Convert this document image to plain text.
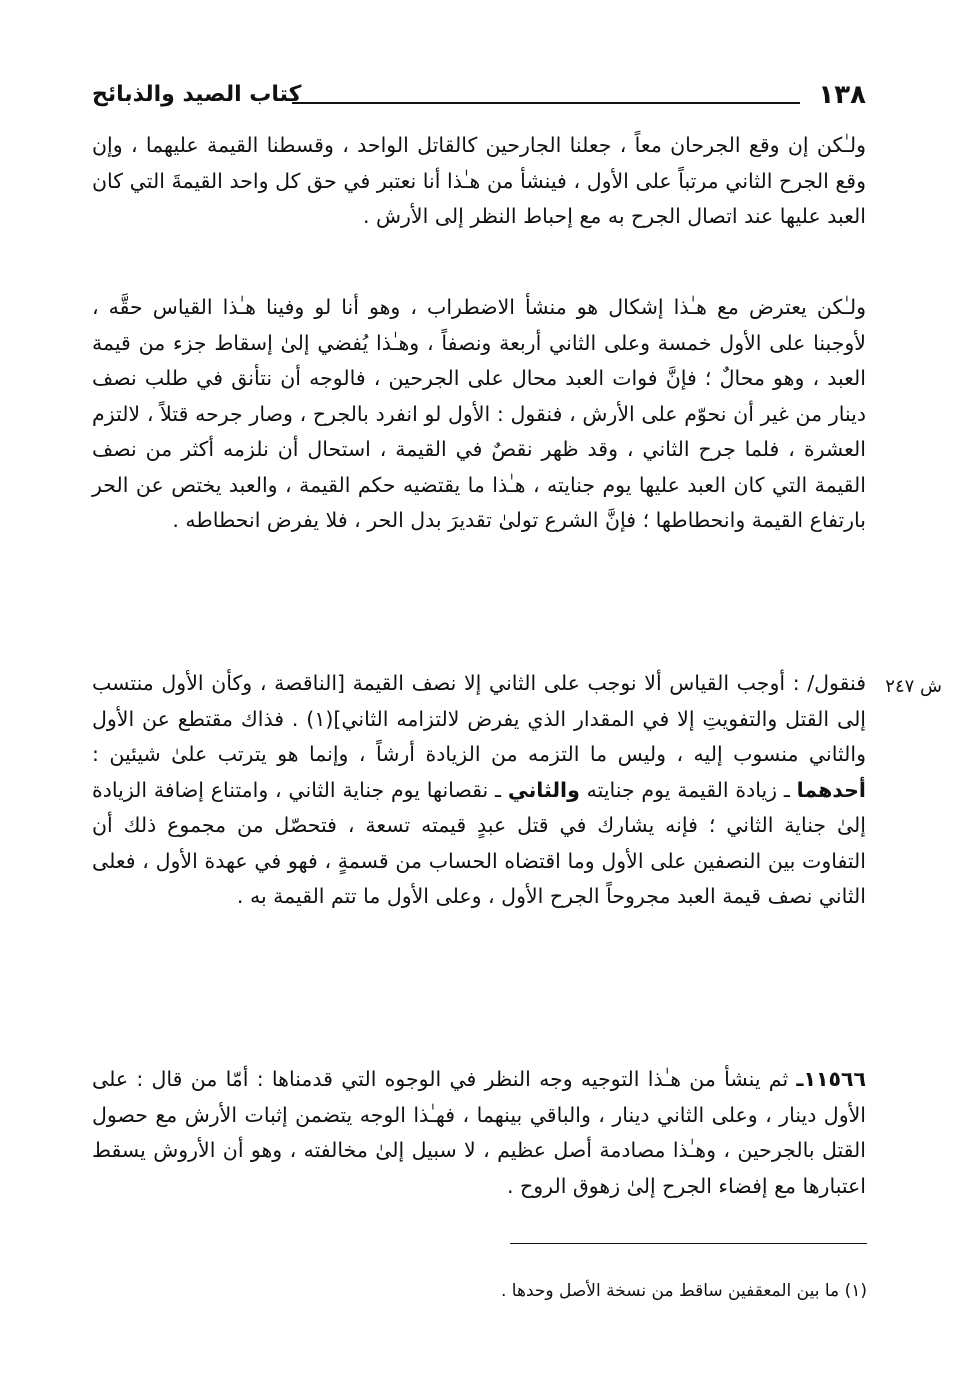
١٣٨
كتاب الصيد والذبائح
ش ٢٤٧

ولـٰكن إن وقع الجرحان معاً ، جعلنا الجارحين كالقاتل الواحد ، وقسطنا القيمة عليهما ، وإن وقع الجرح الثاني مرتباً على الأول ، فينشأ من هـٰذا أنا نعتبر في حق كل واحد القيمةَ التي كان العبد عليها عند اتصال الجرح به مع إحباط النظر إلى الأرش .

ولـٰكن يعترض مع هـٰذا إشكال هو منشأ الاضطراب ، وهو أنا لو وفينا هـٰذا القياس حقَّه ، لأوجبنا على الأول خمسة وعلى الثاني أربعة ونصفاً ، وهـٰذا يُفضي إلىٰ إسقاط جزء من قيمة العبد ، وهو محالٌ ؛ فإنَّ فوات العبد محال على الجرحين ، فالوجه أن نتأنق في طلب نصف دينار من غير أن نحوّم على الأرش ، فنقول : الأول لو انفرد بالجرح ، وصار جرحه قتلاً ، لالتزم العشرة ، فلما جرح الثاني ، وقد ظهر نقصٌ في القيمة ، استحال أن نلزمه أكثر من نصف القيمة التي كان العبد عليها يوم جنايته ، هـٰذا ما يقتضيه حكم القيمة ، والعبد يختص عن الحر بارتفاع القيمة وانحطاطها ؛ فإنَّ الشرع تولىٰ تقديرَ بدل الحر ، فلا يفرض انحطاطه .

فنقول/ : أوجب القياس ألا نوجب على الثاني إلا نصف القيمة [الناقصة ، وكأن الأول منتسب إلى القتل والتفويتِ إلا في المقدار الذي يفرض لالتزامه الثاني](١) . فذاك مقتطع عن الأول والثاني منسوب إليه ، وليس ما التزمه من الزيادة أرشاً ، وإنما هو يترتب علىٰ شيئين : أحدهما ـ زيادة القيمة يوم جنايته والثاني ـ نقصانها يوم جناية الثاني ، وامتناع إضافة الزيادة إلىٰ جناية الثاني ؛ فإنه يشارك في قتل عبدٍ قيمته تسعة ، فتحصّل من مجموع ذلك أن التفاوت بين النصفين على الأول وما اقتضاه الحساب من قسمةٍ ، فهو في عهدة الأول ، فعلى الثاني نصف قيمة العبد مجروحاً الجرح الأول ، وعلى الأول ما تتم القيمة به .

١١٥٦٦ـ ثم ينشأ من هـٰذا التوجيه وجه النظر في الوجوه التي قدمناها : أمّا من قال : على الأول دينار ، وعلى الثاني دينار ، والباقي بينهما ، فهـٰذا الوجه يتضمن إثبات الأرش مع حصول القتل بالجرحين ، وهـٰذا مصادمة أصل عظيم ، لا سبيل إلىٰ مخالفته ، وهو أن الأروش يسقط اعتبارها مع إفضاء الجرح إلىٰ زهوق الروح .

(١) ما بين المعقفين ساقط من نسخة الأصل وحدها .
